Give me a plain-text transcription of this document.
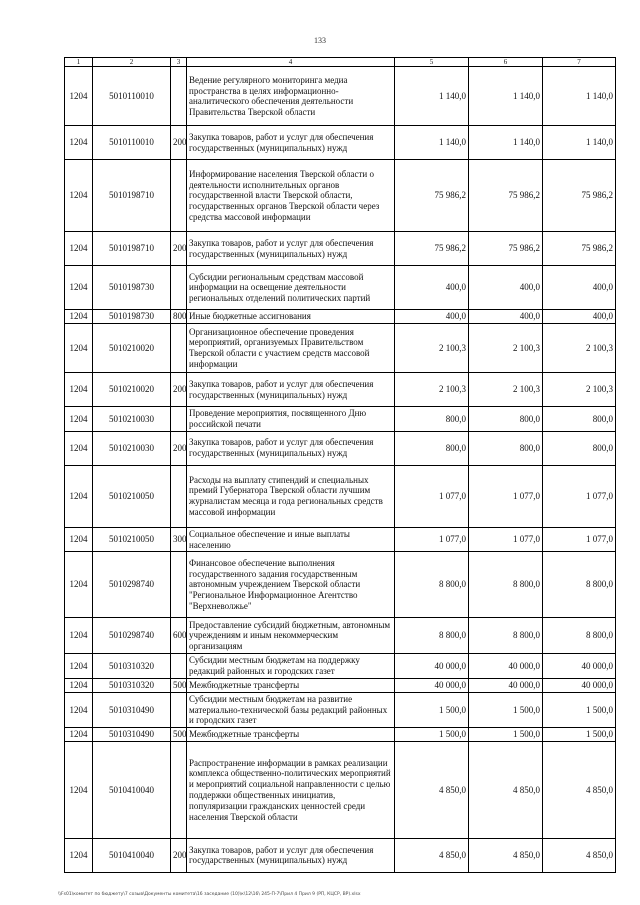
133
1	2	3	4	5	6	7
1204	5010110010		Ведение регулярного мониторинга медиа пространства в целях информационно-аналитического обеспечения деятельности Правительства Тверской области	1 140,0	1 140,0	1 140,0
1204	5010110010	200	Закупка товаров, работ и услуг для обеспечения государственных (муниципальных) нужд	1 140,0	1 140,0	1 140,0
1204	5010198710		Информирование населения Тверской области о деятельности исполнительных органов государственной власти Тверской области, государственных органов Тверской области через средства массовой информации	75 986,2	75 986,2	75 986,2
1204	5010198710	200	Закупка товаров, работ и услуг для обеспечения государственных (муниципальных) нужд	75 986,2	75 986,2	75 986,2
1204	5010198730		Субсидии региональным средствам массовой информации на освещение деятельности региональных отделений политических партий	400,0	400,0	400,0
1204	5010198730	800	Иные бюджетные ассигнования	400,0	400,0	400,0
1204	5010210020		Организационное обеспечение проведения мероприятий, организуемых Правительством Тверской области с участием средств массовой информации	2 100,3	2 100,3	2 100,3
1204	5010210020	200	Закупка товаров, работ и услуг для обеспечения государственных (муниципальных) нужд	2 100,3	2 100,3	2 100,3
1204	5010210030		Проведение мероприятия, посвященного Дню российской печати	800,0	800,0	800,0
1204	5010210030	200	Закупка товаров, работ и услуг для обеспечения государственных (муниципальных) нужд	800,0	800,0	800,0
1204	5010210050		Расходы на выплату стипендий и специальных премий Губернатора Тверской области лучшим журналистам месяца и года региональных средств массовой информации	1 077,0	1 077,0	1 077,0
1204	5010210050	300	Социальное обеспечение и иные выплаты населению	1 077,0	1 077,0	1 077,0
1204	5010298740		Финансовое обеспечение выполнения государственного задания государственным автономным учреждением Тверской области "Региональное Информационное Агентство "Верхневолжье"	8 800,0	8 800,0	8 800,0
1204	5010298740	600	Предоставление субсидий бюджетным, автономным учреждениям и иным некоммерческим организациям	8 800,0	8 800,0	8 800,0
1204	5010310320		Субсидии местным бюджетам на поддержку редакций районных и городских газет	40 000,0	40 000,0	40 000,0
1204	5010310320	500	Межбюджетные трансферты	40 000,0	40 000,0	40 000,0
1204	5010310490		Субсидии местным бюджетам на развитие материально-технической базы редакций районных и городских газет	1 500,0	1 500,0	1 500,0
1204	5010310490	500	Межбюджетные трансферты	1 500,0	1 500,0	1 500,0
1204	5010410040		Распространение информации в рамках реализации комплекса общественно-политических мероприятий и мероприятий социальной направленности с целью поддержки общественных инициатив, популяризации гражданских ценностей среди населения Тверской области	4 850,0	4 850,0	4 850,0
1204	5010410040	200	Закупка товаров, работ и услуг для обеспечения государственных (муниципальных) нужд	4 850,0	4 850,0	4 850,0
\\Fs01\комитет по бюджету\7 созыв\Документы комитета\16 заседание (10)\к\12\16\ 245-П-7\Прил 4 Прил 9 (РП, КЦСР, ВР).xlsx
